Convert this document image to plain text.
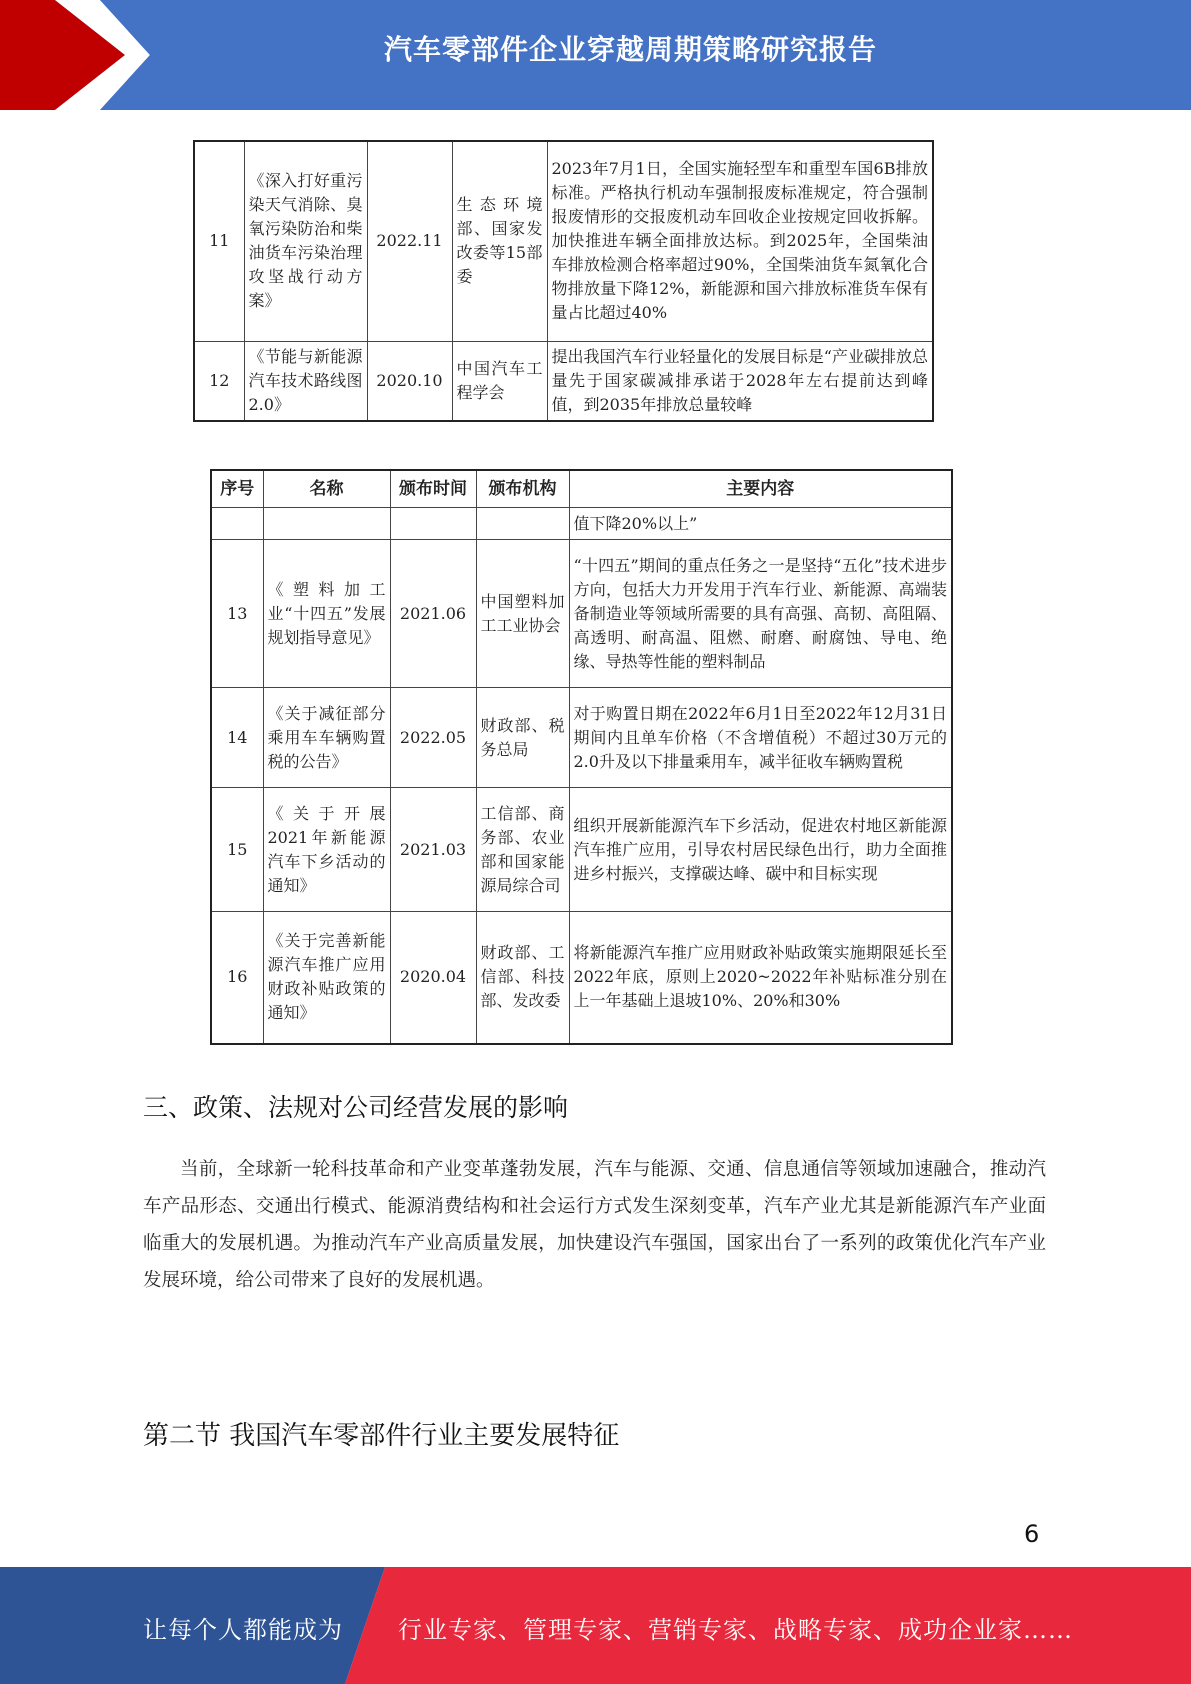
汽车零部件企业穿越周期策略研究报告
11	《深入打好重污染天气消除、臭氧污染防治和柴油货车污染治理攻坚战行动方案》	2022.11	生态环境部、国家发改委等15部委	2023年7月1日，全国实施轻型车和重型车国6B排放标准。严格执行机动车强制报废标准规定，符合强制报废情形的交报废机动车回收企业按规定回收拆解。加快推进车辆全面排放达标。到2025年，全国柴油车排放检测合格率超过90%，全国柴油货车氮氧化合物排放量下降12%，新能源和国六排放标准货车保有量占比超过40%
12	《节能与新能源汽车技术路线图2.0》	2020.10	中国汽车工程学会	提出我国汽车行业轻量化的发展目标是“产业碳排放总量先于国家碳减排承诺于2028年左右提前达到峰值，到2035年排放总量较峰
序号	名称	颁布时间	颁布机构	主要内容
				值下降20%以上”
13	《塑料加工业“十四五”发展规划指导意见》	2021.06	中国塑料加工工业协会	“十四五”期间的重点任务之一是坚持“五化”技术进步方向，包括大力开发用于汽车行业、新能源、高端装备制造业等领域所需要的具有高强、高韧、高阻隔、高透明、耐高温、阻燃、耐磨、耐腐蚀、导电、绝缘、导热等性能的塑料制品
14	《关于减征部分乘用车车辆购置税的公告》	2022.05	财政部、税务总局	对于购置日期在2022年6月1日至2022年12月31日期间内且单车价格（不含增值税）不超过30万元的2.0升及以下排量乘用车，减半征收车辆购置税
15	《关于开展2021年新能源汽车下乡活动的通知》	2021.03	工信部、商务部、农业部和国家能源局综合司	组织开展新能源汽车下乡活动，促进农村地区新能源汽车推广应用，引导农村居民绿色出行，助力全面推进乡村振兴，支撑碳达峰、碳中和目标实现
16	《关于完善新能源汽车推广应用财政补贴政策的通知》	2020.04	财政部、工信部、科技部、发改委	将新能源汽车推广应用财政补贴政策实施期限延长至2022年底，原则上2020~2022年补贴标准分别在上一年基础上退坡10%、20%和30%
三、政策、法规对公司经营发展的影响
当前，全球新一轮科技革命和产业变革蓬勃发展，汽车与能源、交通、信息通信等领域加速融合，推动汽车产品形态、交通出行模式、能源消费结构和社会运行方式发生深刻变革，汽车产业尤其是新能源汽车产业面临重大的发展机遇。为推动汽车产业高质量发展，加快建设汽车强国，国家出台了一系列的政策优化汽车产业发展环境，给公司带来了良好的发展机遇。
第二节 我国汽车零部件行业主要发展特征
6
让每个人都能成为 行业专家、管理专家、营销专家、战略专家、成功企业家……
